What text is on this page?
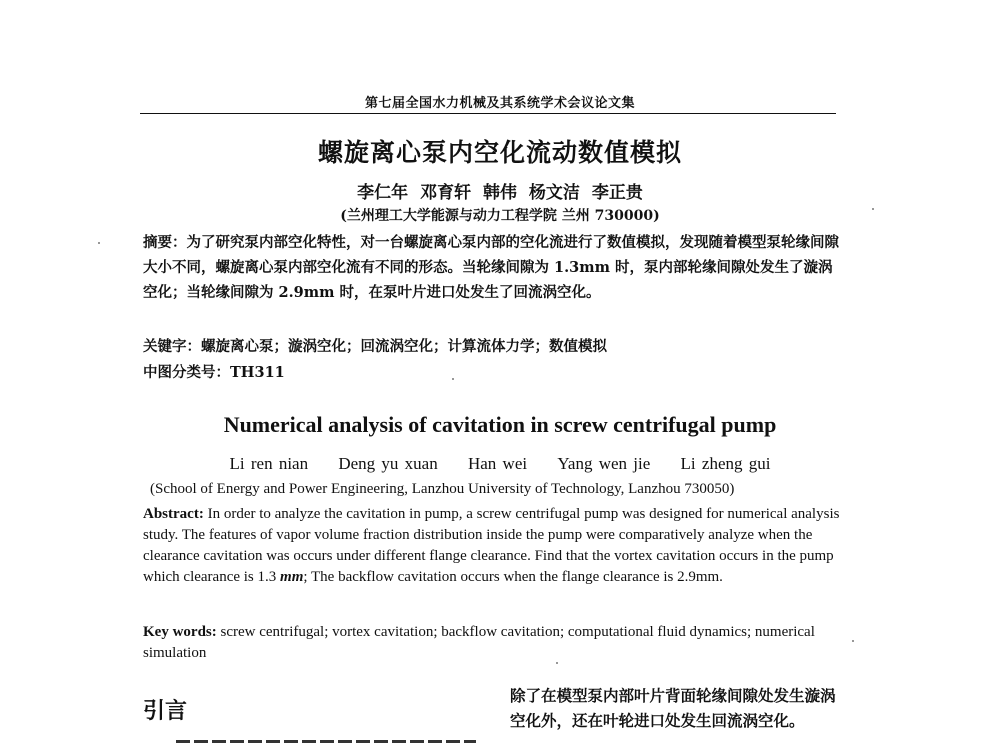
第七届全国水力机械及其系统学术会议论文集
螺旋离心泵内空化流动数值模拟
李仁年 邓育轩 韩伟 杨文洁 李正贵
(兰州理工大学能源与动力工程学院 兰州 730000)
摘要：为了研究泵内部空化特性，对一台螺旋离心泵内部的空化流进行了数值模拟，发现随着模型泵轮缘间隙大小不同，螺旋离心泵内部空化流有不同的形态。当轮缘间隙为 1.3mm 时，泵内部轮缘间隙处发生了漩涡空化；当轮缘间隙为 2.9mm 时，在泵叶片进口处发生了回流涡空化。
关键字：螺旋离心泵；漩涡空化；回流涡空化；计算流体力学；数值模拟
中图分类号：TH311
Numerical analysis of cavitation in screw centrifugal pump
Li ren nian Deng yu xuan Han wei Yang wen jie Li zheng gui
(School of Energy and Power Engineering, Lanzhou University of Technology, Lanzhou 730050)
Abstract: In order to analyze the cavitation in pump, a screw centrifugal pump was designed for numerical analysis study. The features of vapor volume fraction distribution inside the pump were comparatively analyze when the clearance cavitation was occurs under different flange clearance. Find that the vortex cavitation occurs in the pump which clearance is 1.3 mm; The backflow cavitation occurs when the flange clearance is 2.9mm.
Key words: screw centrifugal; vortex cavitation; backflow cavitation; computational fluid dynamics; numerical simulation
引言
除了在模型泵内部叶片背面轮缘间隙处发生漩涡空化外，还在叶轮进口处发生回流涡空化。
